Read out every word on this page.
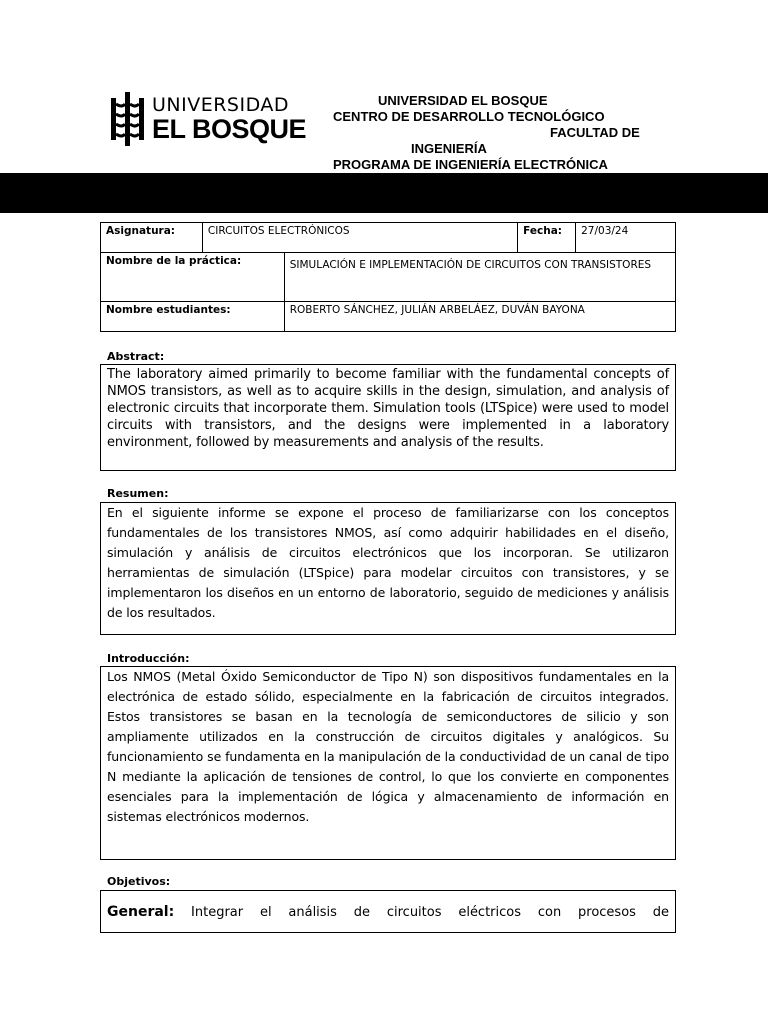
UNIVERSIDAD
EL BOSQUE
UNIVERSIDAD EL BOSQUE
CENTRO DE DESARROLLO TECNOLÓGICO
FACULTAD DE
INGENIERÍA
PROGRAMA DE INGENIERÍA ELECTRÓNICA
Asignatura:	CIRCUITOS ELECTRÓNICOS		Fecha:	27/03/24
Nombre de la práctica:		SIMULACIÓN E IMPLEMENTACIÓN DE CIRCUITOS CON TRANSISTORES		
Nombre estudiantes:		ROBERTO SÁNCHEZ, JULIÁN ARBELÁEZ, DUVÁN BAYONA		
Abstract:

The laboratory aimed primarily to become familiar with the fundamental concepts of NMOS transistors, as well as to acquire skills in the design, simulation, and analysis of electronic circuits that incorporate them. Simulation tools (LTSpice) were used to model circuits with transistors, and the designs were implemented in a laboratory environment, followed by measurements and analysis of the results.

Resumen:

En el siguiente informe se expone el proceso de familiarizarse con los conceptos fundamentales de los transistores NMOS, así como adquirir habilidades en el diseño, simulación y análisis de circuitos electrónicos que los incorporan. Se utilizaron herramientas de simulación (LTSpice) para modelar circuitos con transistores, y se implementaron los diseños en un entorno de laboratorio, seguido de mediciones y análisis de los resultados.

Introducción:

Los NMOS (Metal Óxido Semiconductor de Tipo N) son dispositivos fundamentales en la electrónica de estado sólido, especialmente en la fabricación de circuitos integrados. Estos transistores se basan en la tecnología de semiconductores de silicio y son ampliamente utilizados en la construcción de circuitos digitales y analógicos. Su funcionamiento se fundamenta en la manipulación de la conductividad de un canal de tipo N mediante la aplicación de tensiones de control, lo que los convierte en componentes esenciales para la implementación de lógica y almacenamiento de información en sistemas electrónicos modernos.

Objetivos:

General: Integrar el análisis de circuitos eléctricos con procesos de
